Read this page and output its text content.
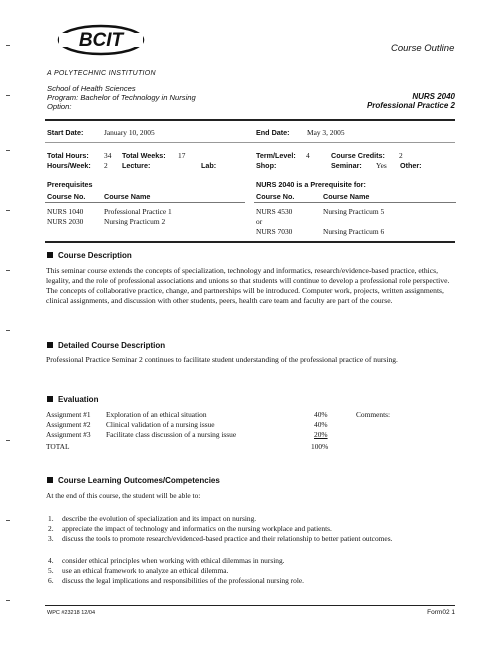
BCIT
A POLYTECHNIC INSTITUTION
Course Outline
School of Health Sciences
Program: Bachelor of Technology in Nursing
Option:
NURS 2040
Professional Practice 2
Start Date:	January 10, 2005	End Date: May 3, 2005
Total Hours: 34 Total Weeks: 17	Term/Level: 4	Course Credits: 2
Hours/Week: 2 Lecture:	Lab:	Shop:	Seminar: Yes Other:
Prerequisites	NURS 2040 is a Prerequisite for:
Course No.	Course Name	Course No.	Course Name
NURS 1040	Professional Practice 1
NURS 2030	Nursing Practicum 2
NURS 4530	Nursing Practicum 5
or
NURS 7030	Nursing Practicum 6
Course Description
This seminar course extends the concepts of specialization, technology and informatics, research/evidence-based practice, ethics, legality, and the role of professional associations and unions so that students will continue to develop a professional role perspective. The concepts of collaborative practice, change, and partnerships will be introduced. Computer work, projects, written assignments, clinical assignments, and discussion with other students, peers, health care team and faculty are part of the course.
Detailed Course Description
Professional Practice Seminar 2 continues to facilitate student understanding of the professional practice of nursing.
Evaluation
Assignment #1 Exploration of an ethical situation	40%
Assignment #2 Clinical validation of a nursing issue	40%
Assignment #3 Facilitate class discussion of a nursing issue	20%
TOTAL	100%
Comments:
Course Learning Outcomes/Competencies
At the end of this course, the student will be able to:
1. describe the evolution of specialization and its impact on nursing.
2. appreciate the impact of technology and informatics on the nursing workplace and patients.
3. discuss the tools to promote research/evidenced-based practice and their relationship to better patient outcomes.
4. consider ethical principles when working with ethical dilemmas in nursing.
5. use an ethical framework to analyze an ethical dilemma.
6. discuss the legal implications and responsibilities of the professional nursing role.
WPC #23218 12/04	Form02 1
